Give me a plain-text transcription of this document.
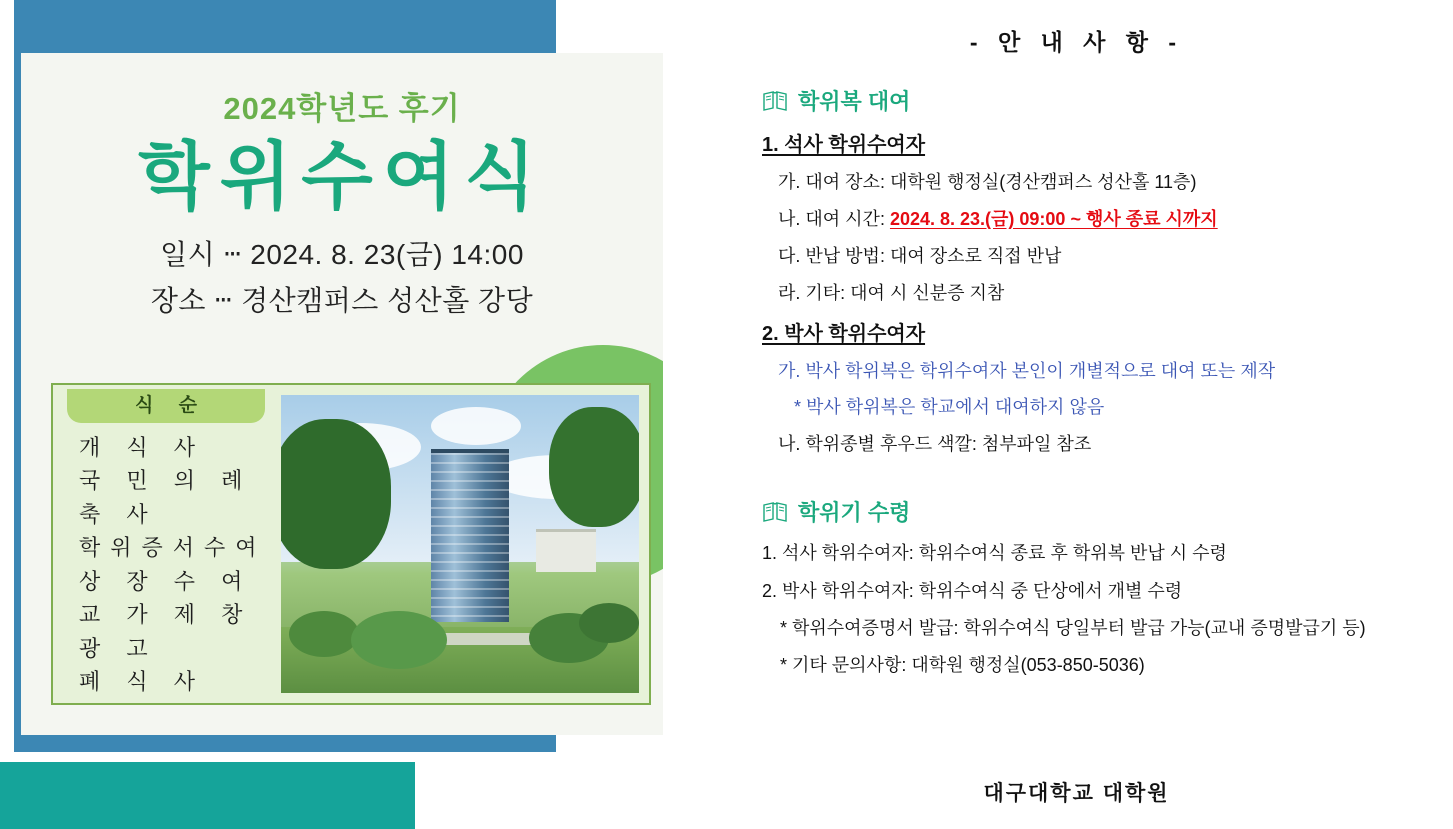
2024학년도 후기
학위수여식
일시 ⵈ 2024. 8. 23(금) 14:00
장소 ⵈ 경산캠퍼스 성산홀 강당
식 순
개 식 사
국 민 의 례
축 사
학위증서수여
상 장 수 여
교 가 제 창
광 고
폐 식 사
- 안 내 사 항 -
학위복 대여
1. 석사 학위수여자
가. 대여 장소: 대학원 행정실(경산캠퍼스 성산홀 11층)
나. 대여 시간: 2024. 8. 23.(금) 09:00 ~ 행사 종료 시까지
다. 반납 방법: 대여 장소로 직접 반납
라. 기타: 대여 시 신분증 지참
2. 박사 학위수여자
가. 박사 학위복은 학위수여자 본인이 개별적으로 대여 또는 제작
* 박사 학위복은 학교에서 대여하지 않음
나. 학위종별 후우드 색깔: 첨부파일 참조
학위기 수령
1. 석사 학위수여자: 학위수여식 종료 후 학위복 반납 시 수령
2. 박사 학위수여자: 학위수여식 중 단상에서 개별 수령
* 학위수여증명서 발급: 학위수여식 당일부터 발급 가능(교내 증명발급기 등)
* 기타 문의사항: 대학원 행정실(053-850-5036)
대구대학교 대학원
